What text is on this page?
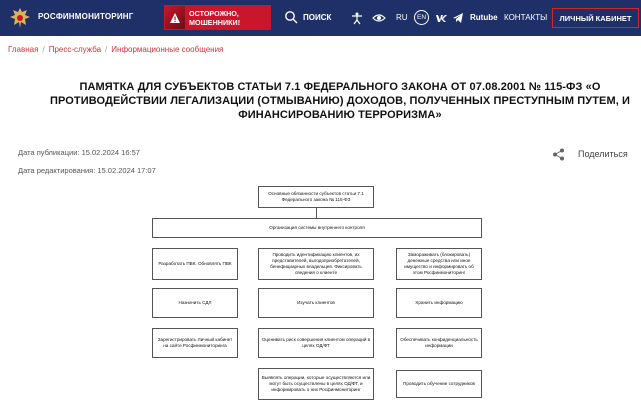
РОСФИНМОНИТОРИНГ	ОСТОРОЖНО,
МОШЕННИКИ!
ПОИСК	RU	EN	Rutube КОНТАКТЫ	ЛИЧНЫЙ КАБИНЕТ
Главная / Пресс-служба / Информационные сообщения
ПАМЯТКА ДЛЯ СУБЪЕКТОВ СТАТЬИ 7.1 ФЕДЕРАЛЬНОГО ЗАКОНА ОТ 07.08.2001 № 115-ФЗ «О ПРОТИВОДЕЙСТВИИ ЛЕГАЛИЗАЦИИ (ОТМЫВАНИЮ) ДОХОДОВ, ПОЛУЧЕННЫХ ПРЕСТУПНЫМ ПУТЕМ, И ФИНАНСИРОВАНИЮ ТЕРРОРИЗМА»
Дата публикации: 15.02.2024 16:57
Дата редактирования: 15.02.2024 17:07
Поделиться
Основные обязанности субъектов статьи 7.1 Федерального закона № 115-ФЗ
Организация системы внутреннего контроля
Разработать ПВК. Обновлять ПВК
Проводить идентификацию клиентов, их представителей, выгодоприобретателей, бенефициарных владельцев. Фиксировать сведения о клиенте
Замораживать (блокировать) денежные средства или иное имущество и информировать об этом Росфинмониторинг
Назначить СДЛ	Изучать клиентов	Хранить информацию
Зарегистрировать Личный кабинет на сайте Росфинмониторинга
Оценивать риск совершения клиентом операций в целях ОД/ФТ
Обеспечивать конфиденциальность информации
Выявлять операции, которые осуществляются или могут быть осуществлены в целях ОД/ФТ, и информировать о них Росфинмониторинг
Проводить обучение сотрудников
